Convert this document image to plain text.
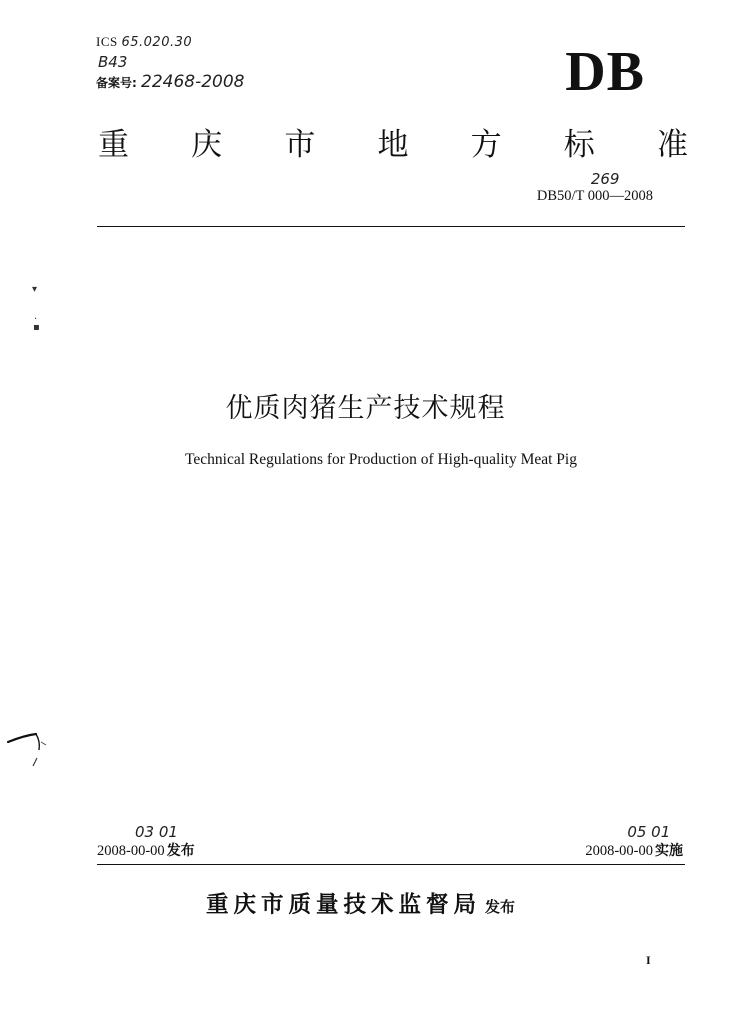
ICS 65.020.30
B43
备案号: 22468-2008	DB
重 庆 市 地 方 标 准
DB50/T 000—2008
269
▾
·
▪
优质肉猪生产技术规程
Technical Regulations for Production of High-quality Meat Pig
2008-00-00 发布
03 01
2008-00-00 实施
05 01
重庆市质量技术监督局 发布
I
